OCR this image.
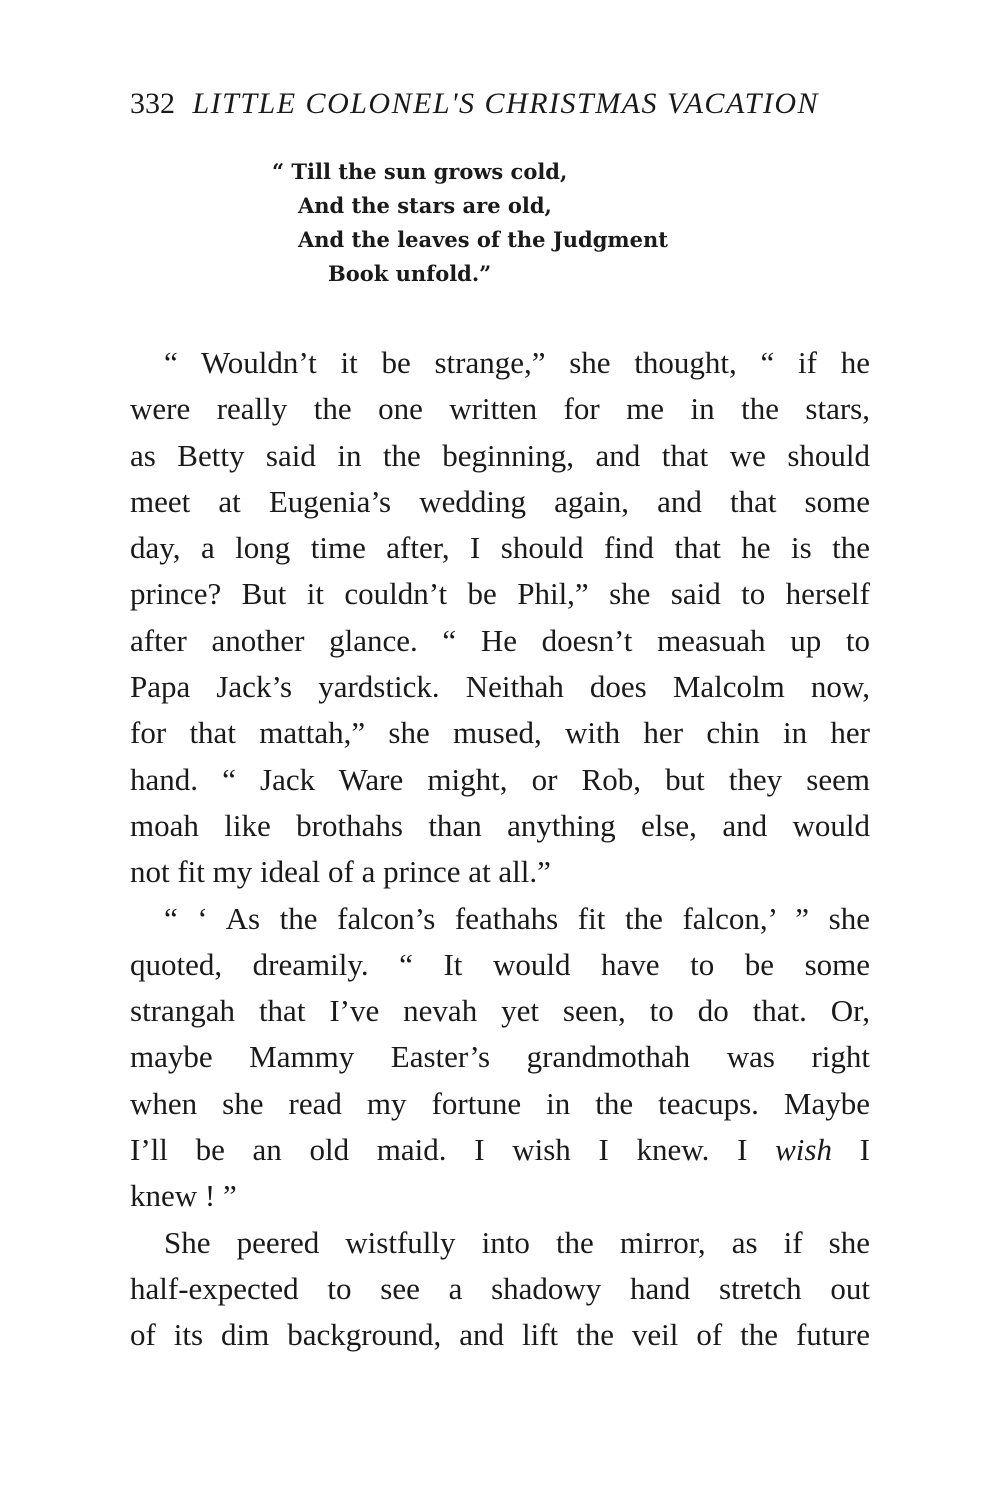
332 LITTLE COLONEL'S CHRISTMAS VACATION
“ Till the sun grows cold,
And the stars are old,
And the leaves of the Judgment
Book unfold.”
“ Wouldn’t it be strange,” she thought, “ if he
were really the one written for me in the stars,
as Betty said in the beginning, and that we should
meet at Eugenia’s wedding again, and that some
day, a long time after, I should find that he is the
prince? But it couldn’t be Phil,” she said to herself
after another glance. “ He doesn’t measuah up to
Papa Jack’s yardstick. Neithah does Malcolm now,
for that mattah,” she mused, with her chin in her
hand. “ Jack Ware might, or Rob, but they seem
moah like brothahs than anything else, and would
not fit my ideal of a prince at all.”
“ ‘ As the falcon’s feathahs fit the falcon,’ ” she
quoted, dreamily. “ It would have to be some
strangah that I’ve nevah yet seen, to do that. Or,
maybe Mammy Easter’s grandmothah was right
when she read my fortune in the teacups. Maybe
I’ll be an old maid. I wish I knew. I wish I
knew ! ”
She peered wistfully into the mirror, as if she
half-expected to see a shadowy hand stretch out
of its dim background, and lift the veil of the future
